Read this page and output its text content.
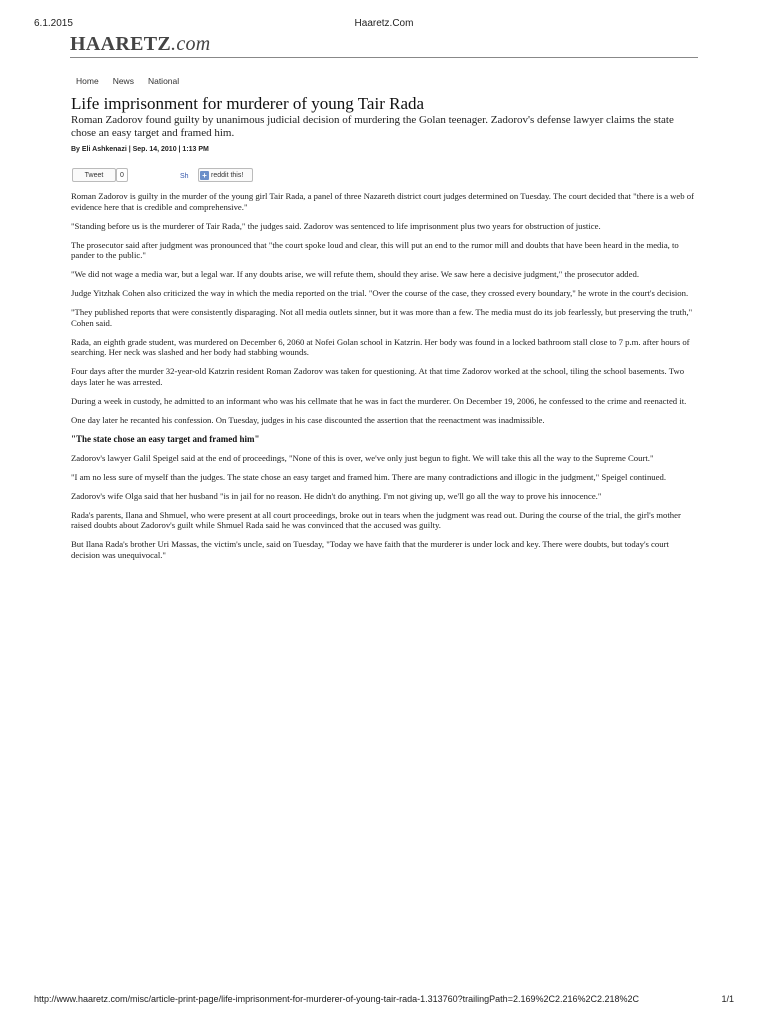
6.1.2015	Haaretz.Com
HAARETZ.com
Home News National
Life imprisonment for murderer of young Tair Rada

Roman Zadorov found guilty by unanimous judicial decision of murdering the Golan teenager. Zadorov's defense lawyer claims the state chose an easy target and framed him.

By Eli Ashkenazi | Sep. 14, 2010 | 1:13 PM
Tweet	0	Sh + reddit this!

Roman Zadorov is guilty in the murder of the young girl Tair Rada, a panel of three Nazareth district court judges determined on Tuesday. The court decided that "there is a web of evidence here that is credible and comprehensive."

"Standing before us is the murderer of Tair Rada," the judges said. Zadorov was sentenced to life imprisonment plus two years for obstruction of justice.

The prosecutor said after judgment was pronounced that "the court spoke loud and clear, this will put an end to the rumor mill and doubts that have been heard in the media, to pander to the public."

"We did not wage a media war, but a legal war. If any doubts arise, we will refute them, should they arise. We saw here a decisive judgment," the prosecutor added.

Judge Yitzhak Cohen also criticized the way in which the media reported on the trial. "Over the course of the case, they crossed every boundary," he wrote in the court's decision.

"They published reports that were consistently disparaging. Not all media outlets sinner, but it was more than a few. The media must do its job fearlessly, but preserving the truth," Cohen said.

Rada, an eighth grade student, was murdered on December 6, 2060 at Nofei Golan school in Katzrin. Her body was found in a locked bathroom stall close to 7 p.m. after hours of searching. Her neck was slashed and her body had stabbing wounds.

Four days after the murder 32-year-old Katzrin resident Roman Zadorov was taken for questioning. At that time Zadorov worked at the school, tiling the school basements. Two days later he was arrested.

During a week in custody, he admitted to an informant who was his cellmate that he was in fact the murderer. On December 19, 2006, he confessed to the crime and reenacted it.

One day later he recanted his confession. On Tuesday, judges in his case discounted the assertion that the reenactment was inadmissible.

"The state chose an easy target and framed him"

Zadorov's lawyer Galil Speigel said at the end of proceedings, "None of this is over, we've only just begun to fight. We will take this all the way to the Supreme Court."

"I am no less sure of myself than the judges. The state chose an easy target and framed him. There are many contradictions and illogic in the judgment," Speigel continued.

Zadorov's wife Olga said that her husband "is in jail for no reason. He didn't do anything. I'm not giving up, we'll go all the way to prove his innocence."

Rada's parents, Ilana and Shmuel, who were present at all court proceedings, broke out in tears when the judgment was read out. During the course of the trial, the girl's mother raised doubts about Zadorov's guilt while Shmuel Rada said he was convinced that the accused was guilty.

But Ilana Rada's brother Uri Massas, the victim's uncle, said on Tuesday, "Today we have faith that the murderer is under lock and key. There were doubts, but today's court decision was unequivocal."

http://www.haaretz.com/misc/article-print-page/life-imprisonment-for-murderer-of-young-tair-rada-1.313760?trailingPath=2.169%2C2.216%2C2.218%2C	1/1
